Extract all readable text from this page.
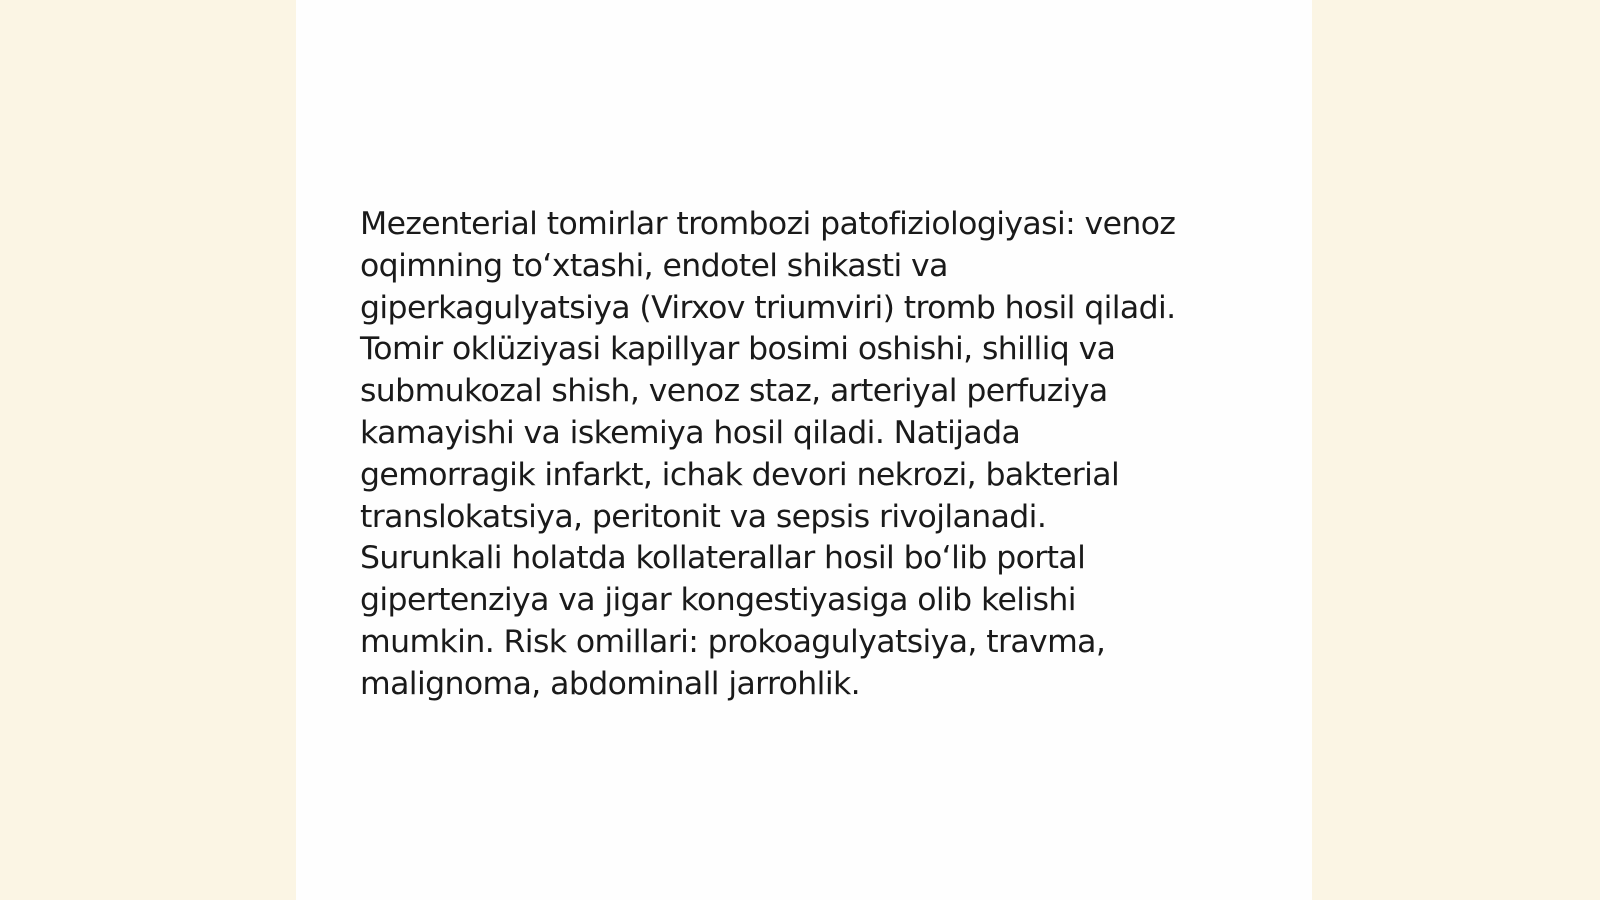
Mezenterial tomirlar trombozi patofiziologiyasi: venoz
oqimning to‘xtashi, endotel shikasti va
giperkagulyatsiya (Virxov triumviri) tromb hosil qiladi.
Tomir oklüziyasi kapillyar bosimi oshishi, shilliq va
submukozal shish, venoz staz, arteriyal perfuziya
kamayishi va iskemiya hosil qiladi. Natijada
gemorragik infarkt, ichak devori nekrozi, bakterial
translokatsiya, peritonit va sepsis rivojlanadi.
Surunkali holatda kollaterallar hosil bo‘lib portal
gipertenziya va jigar kongestiyasiga olib kelishi
mumkin. Risk omillari: prokoagulyatsiya, travma,
malignoma, abdominall jarrohlik.
